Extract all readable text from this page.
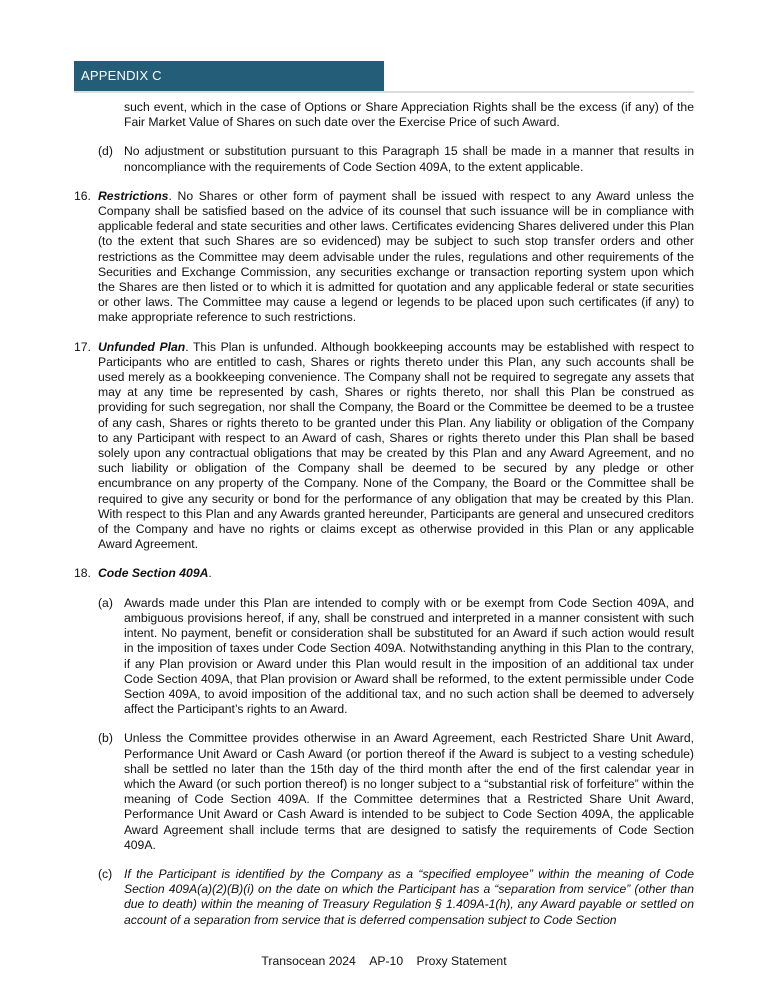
APPENDIX C

such event, which in the case of Options or Share Appreciation Rights shall be the excess (if any) of the Fair Market Value of Shares on such date over the Exercise Price of such Award.

(d) No adjustment or substitution pursuant to this Paragraph 15 shall be made in a manner that results in noncompliance with the requirements of Code Section 409A, to the extent applicable.
16. Restrictions. No Shares or other form of payment shall be issued with respect to any Award unless the Company shall be satisfied based on the advice of its counsel that such issuance will be in compliance with applicable federal and state securities and other laws. Certificates evidencing Shares delivered under this Plan (to the extent that such Shares are so evidenced) may be subject to such stop transfer orders and other restrictions as the Committee may deem advisable under the rules, regulations and other requirements of the Securities and Exchange Commission, any securities exchange or transaction reporting system upon which the Shares are then listed or to which it is admitted for quotation and any applicable federal or state securities or other laws. The Committee may cause a legend or legends to be placed upon such certificates (if any) to make appropriate reference to such restrictions.

17. Unfunded Plan. This Plan is unfunded. Although bookkeeping accounts may be established with respect to Participants who are entitled to cash, Shares or rights thereto under this Plan, any such accounts shall be used merely as a bookkeeping convenience. The Company shall not be required to segregate any assets that may at any time be represented by cash, Shares or rights thereto, nor shall this Plan be construed as providing for such segregation, nor shall the Company, the Board or the Committee be deemed to be a trustee of any cash, Shares or rights thereto to be granted under this Plan. Any liability or obligation of the Company to any Participant with respect to an Award of cash, Shares or rights thereto under this Plan shall be based solely upon any contractual obligations that may be created by this Plan and any Award Agreement, and no such liability or obligation of the Company shall be deemed to be secured by any pledge or other encumbrance on any property of the Company. None of the Company, the Board or the Committee shall be required to give any security or bond for the performance of any obligation that may be created by this Plan. With respect to this Plan and any Awards granted hereunder, Participants are general and unsecured creditors of the Company and have no rights or claims except as otherwise provided in this Plan or any applicable Award Agreement.

18. Code Section 409A.

(a) Awards made under this Plan are intended to comply with or be exempt from Code Section 409A, and ambiguous provisions hereof, if any, shall be construed and interpreted in a manner consistent with such intent. No payment, benefit or consideration shall be substituted for an Award if such action would result in the imposition of taxes under Code Section 409A. Notwithstanding anything in this Plan to the contrary, if any Plan provision or Award under this Plan would result in the imposition of an additional tax under Code Section 409A, that Plan provision or Award shall be reformed, to the extent permissible under Code Section 409A, to avoid imposition of the additional tax, and no such action shall be deemed to adversely affect the Participant’s rights to an Award.
(b) Unless the Committee provides otherwise in an Award Agreement, each Restricted Share Unit Award, Performance Unit Award or Cash Award (or portion thereof if the Award is subject to a vesting schedule) shall be settled no later than the 15th day of the third month after the end of the first calendar year in which the Award (or such portion thereof) is no longer subject to a “substantial risk of forfeiture” within the meaning of Code Section 409A. If the Committee determines that a Restricted Share Unit Award, Performance Unit Award or Cash Award is intended to be subject to Code Section 409A, the applicable Award Agreement shall include terms that are designed to satisfy the requirements of Code Section 409A.
(c) If the Participant is identified by the Company as a “specified employee” within the meaning of Code Section 409A(a)(2)(B)(i) on the date on which the Participant has a “separation from service” (other than due to death) within the meaning of Treasury Regulation § 1.409A-1(h), any Award payable or settled on account of a separation from service that is deferred compensation subject to Code Section
Transocean 2024 AP-10 Proxy Statement
